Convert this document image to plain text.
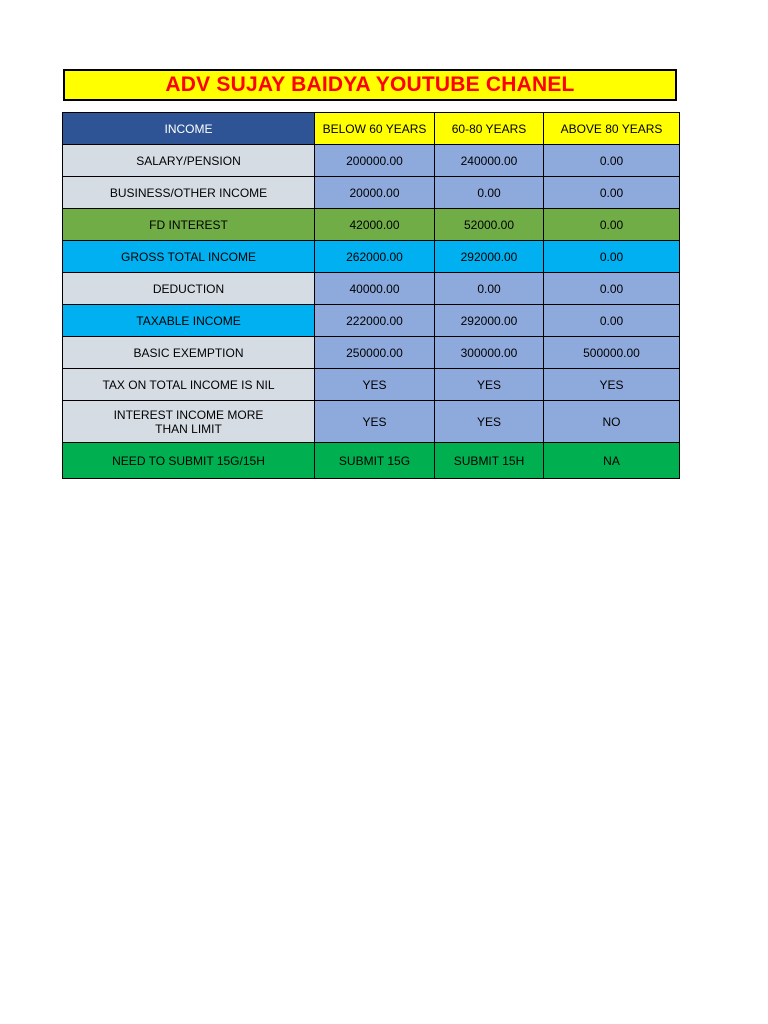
ADV SUJAY BAIDYA YOUTUBE CHANEL
INCOME	BELOW 60 YEARS	60-80 YEARS	ABOVE 80 YEARS
SALARY/PENSION	200000.00	240000.00	0.00
BUSINESS/OTHER INCOME	20000.00	0.00	0.00
FD INTEREST	42000.00	52000.00	0.00
GROSS TOTAL INCOME	262000.00	292000.00	0.00
DEDUCTION	40000.00	0.00	0.00
TAXABLE INCOME	222000.00	292000.00	0.00
BASIC EXEMPTION	250000.00	300000.00	500000.00
TAX ON TOTAL INCOME IS NIL	YES	YES	YES
INTEREST INCOME MORE
THAN LIMIT	YES	YES	NO
NEED TO SUBMIT 15G/15H	SUBMIT 15G	SUBMIT 15H	NA
